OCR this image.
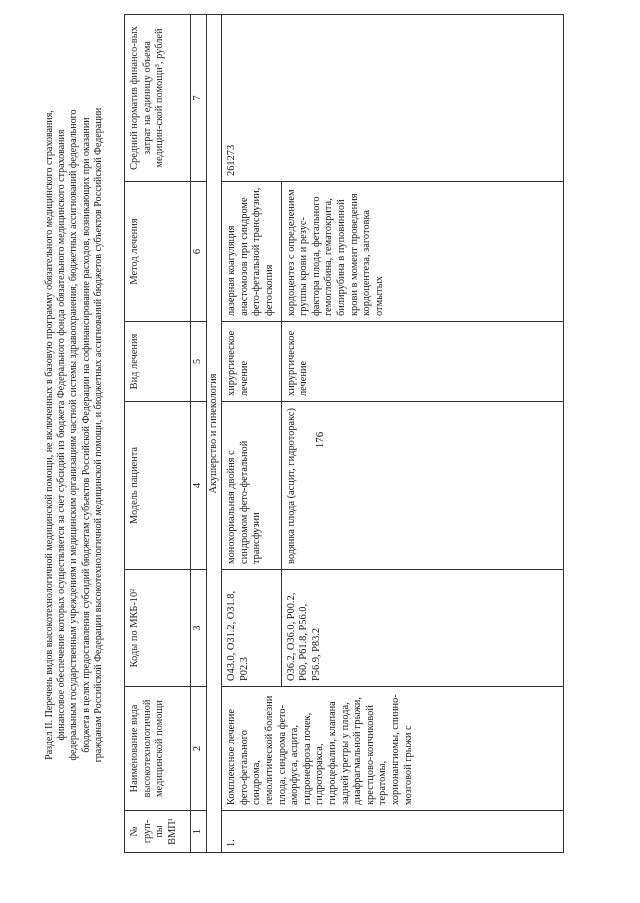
176
Раздел II. Перечень видов высокотехнологичной медицинской помощи, не включенных в базовую программу обязательного медицинского страхования, финансовое обеспечение которых осуществляется за счет субсидий из бюджета Федерального фонда обязательного медицинского страхования федеральным государственным учреждениям и медицинским организациям частной системы здравоохранения, бюджетных ассигнований федерального бюджета в целях предоставления субсидий бюджетам субъектов Российской Федерации на софинансирование расходов, возникающих при оказании гражданам Российской Федерации высокотехнологичной медицинской помощи, и бюджетных ассигнований бюджетов субъектов Российской Федерации
№ груп-пы ВМП¹	Наименование вида высокотехнологичной медицинской помощи	Коды по МКБ-10²	Модель пациента	Вид лечения	Метод лечения	Средний норматив финансо-вых затрат на единицу объема медицин-ской помощи³, рублей
1	2	3	4	5	6	7
Акушерство и гинекология						
1.	Комплексное лечение фето-фетального синдрома, гемолитической болезни плода, синдрома фето-аморфуса, асцита, гидронефроза почек, гидроторакса, гидроцефалии, клапана задней уретры у плода, диафрагмальной грыжи, крестцово-копчиковой тератомы, хорионангиомы, спинно-мозговой грыжи с	O43.0, O31.2, O31.8, P02.3	монохориальная двойня с синдромом фето-фетальной трансфузии	хирургическое лечение	лазерная коагуляция анастомозов при синдроме фето-фетальной трансфузии, фетоскопия	261273
		O36.2, O36.0, P00.2, P60, P61.8, P56.0, P56.9, P83.2	водянка плода (асцит, гидроторакс)	хирургическое лечение	кордоцентез с определением группы крови и резус-фактора плода, фетального гемоглобина, гематокрита, билирубина в пуповинной крови в момент проведения кордоцентеза, заготовка отмытых	
